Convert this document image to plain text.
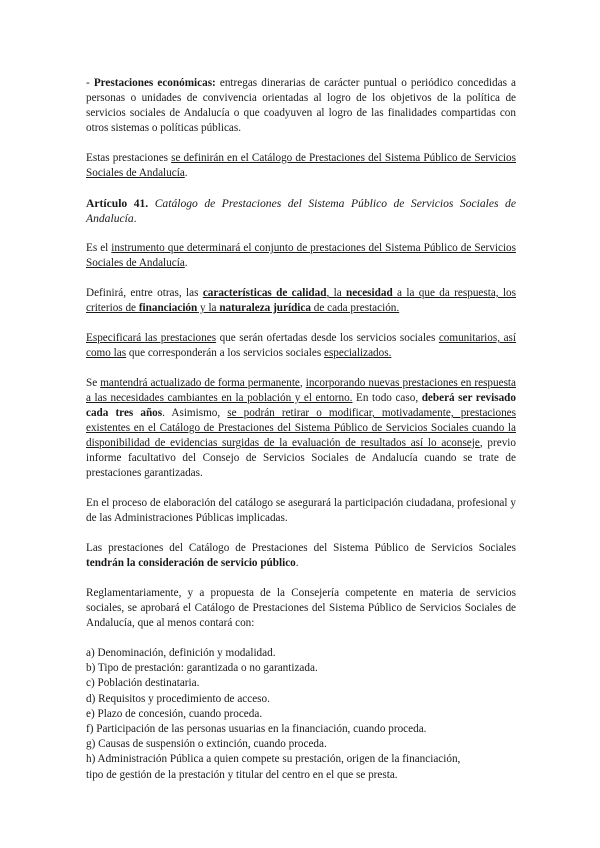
- Prestaciones económicas: entregas dinerarias de carácter puntual o periódico concedidas a personas o unidades de convivencia orientadas al logro de los objetivos de la política de servicios sociales de Andalucía o que coadyuven al logro de las finalidades compartidas con otros sistemas o políticas públicas.

Estas prestaciones se definirán en el Catálogo de Prestaciones del Sistema Público de Servicios Sociales de Andalucía.

Artículo 41. Catálogo de Prestaciones del Sistema Público de Servicios Sociales de Andalucía.

Es el instrumento que determinará el conjunto de prestaciones del Sistema Público de Servicios Sociales de Andalucía.

Definirá, entre otras, las características de calidad, la necesidad a la que da respuesta, los criterios de financiación y la naturaleza jurídica de cada prestación.

Especificará las prestaciones que serán ofertadas desde los servicios sociales comunitarios, así como las que corresponderán a los servicios sociales especializados.

Se mantendrá actualizado de forma permanente, incorporando nuevas prestaciones en respuesta a las necesidades cambiantes en la población y el entorno. En todo caso, deberá ser revisado cada tres años. Asimismo, se podrán retirar o modificar, motivadamente, prestaciones existentes en el Catálogo de Prestaciones del Sistema Público de Servicios Sociales cuando la disponibilidad de evidencias surgidas de la evaluación de resultados así lo aconseje, previo informe facultativo del Consejo de Servicios Sociales de Andalucía cuando se trate de prestaciones garantizadas.

En el proceso de elaboración del catálogo se asegurará la participación ciudadana, profesional y de las Administraciones Públicas implicadas.

Las prestaciones del Catálogo de Prestaciones del Sistema Público de Servicios Sociales tendrán la consideración de servicio público.

Reglamentariamente, y a propuesta de la Consejería competente en materia de servicios sociales, se aprobará el Catálogo de Prestaciones del Sistema Público de Servicios Sociales de Andalucía, que al menos contará con:

a) Denominación, definición y modalidad.
b) Tipo de prestación: garantizada o no garantizada.
c) Población destinataria.
d) Requisitos y procedimiento de acceso.
e) Plazo de concesión, cuando proceda.
f) Participación de las personas usuarias en la financiación, cuando proceda.
g) Causas de suspensión o extinción, cuando proceda.
h) Administración Pública a quien compete su prestación, origen de la financiación,
tipo de gestión de la prestación y titular del centro en el que se presta.
